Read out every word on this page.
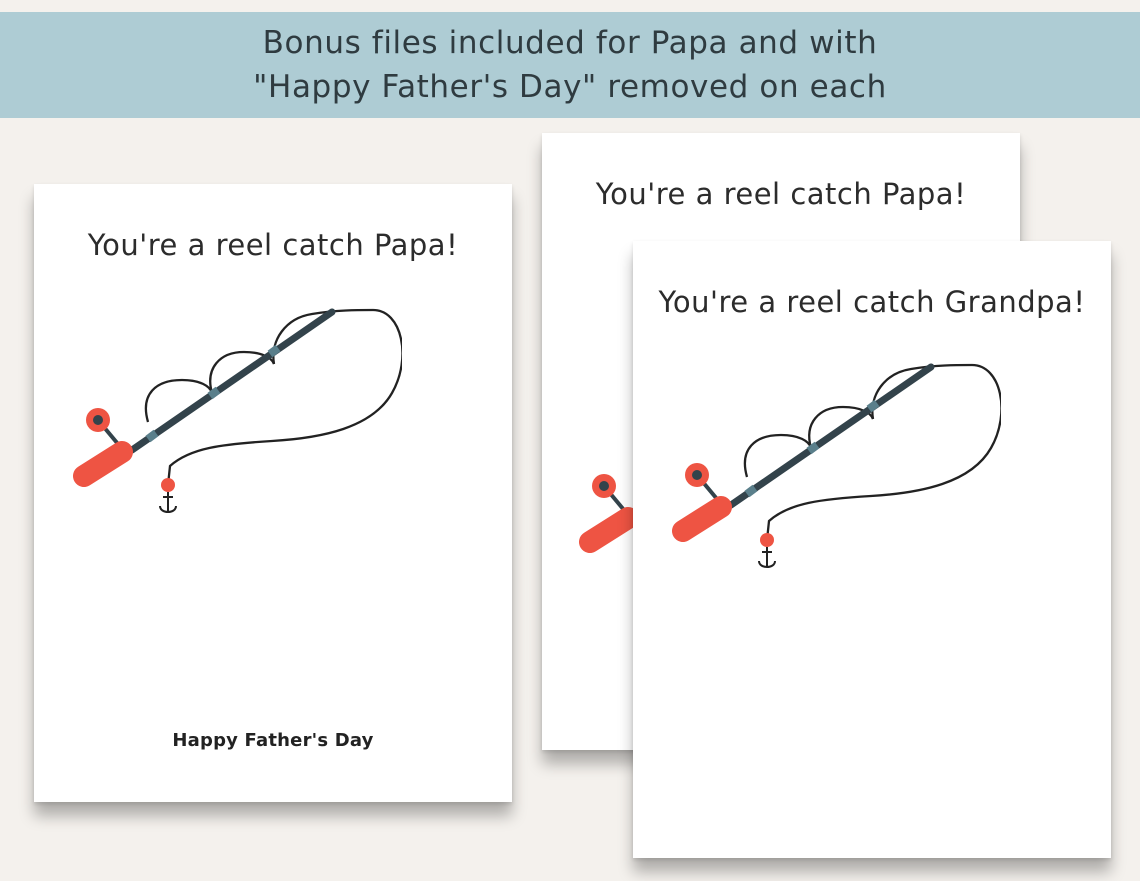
Bonus files included for Papa and with
"Happy Father's Day" removed on each
You're a reel catch Papa!
Happy Father's Day
You're a reel catch Papa!
You're a reel catch Grandpa!
